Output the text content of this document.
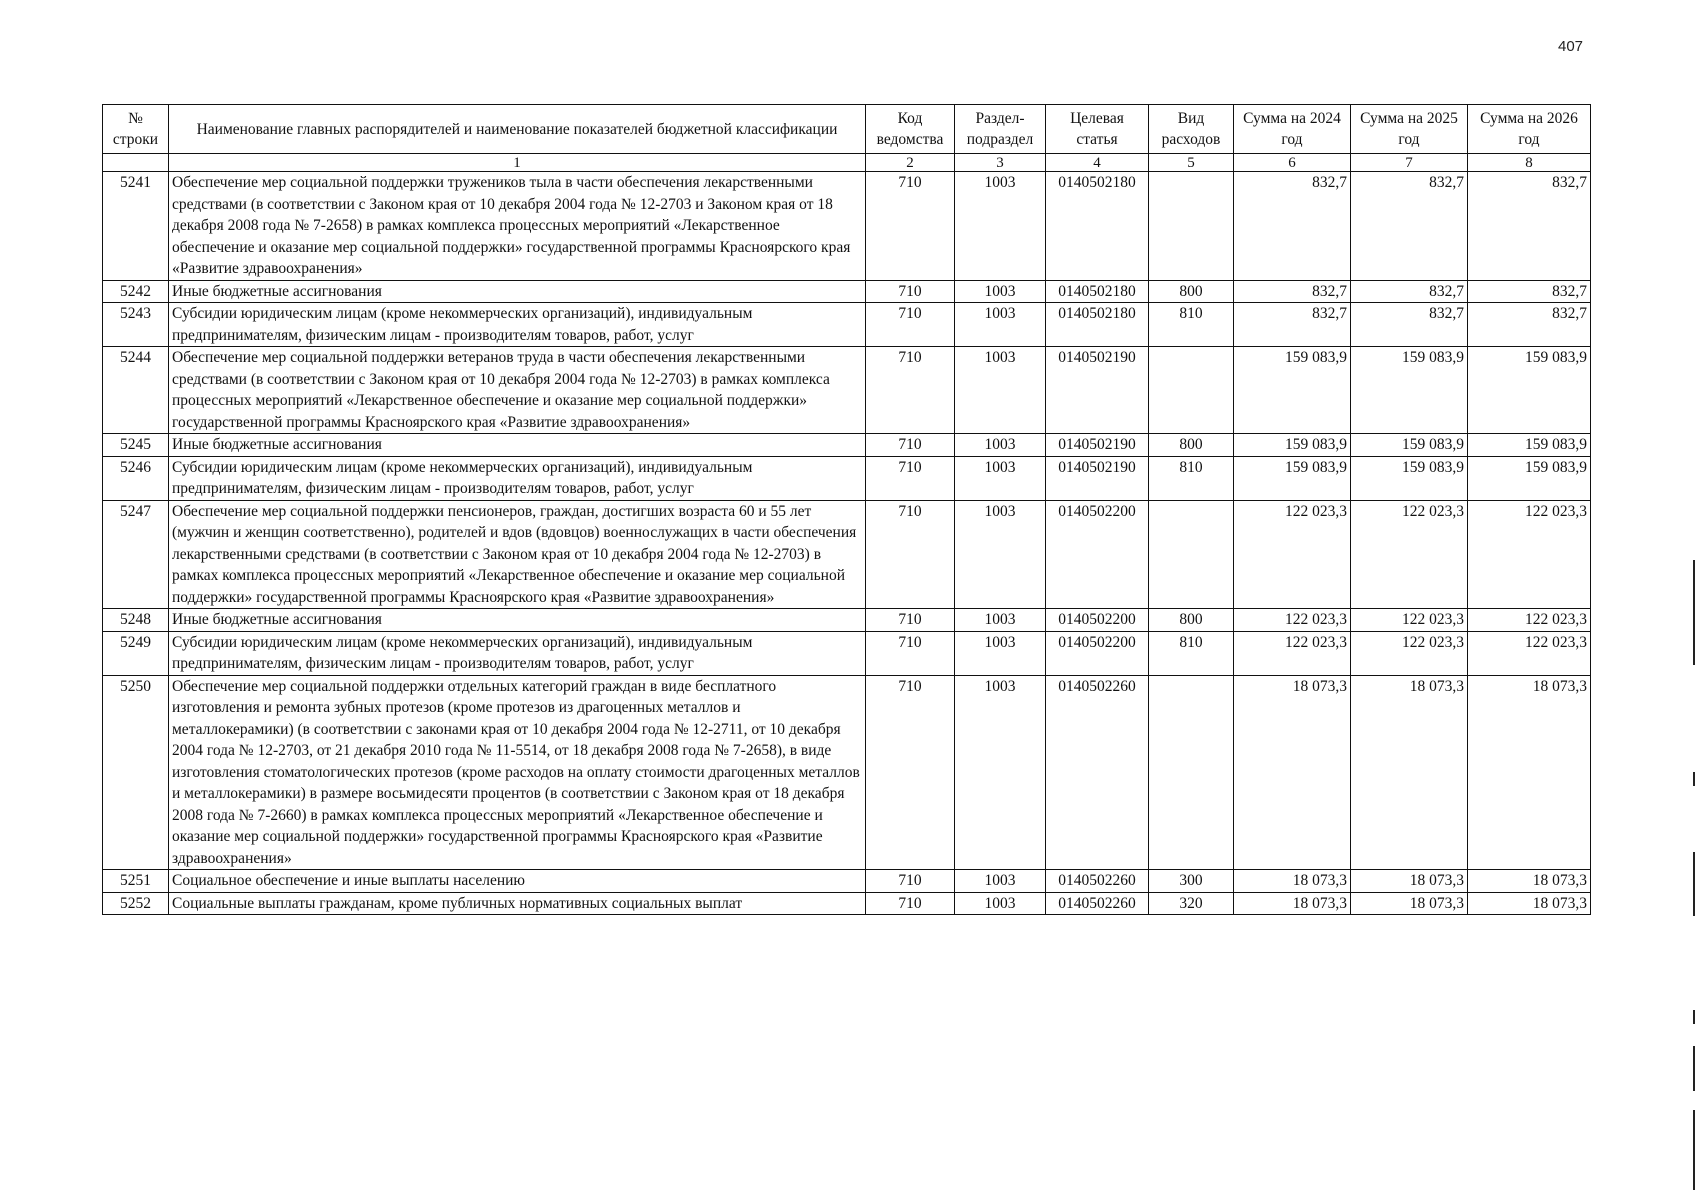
407
№ строки	Наименование главных распорядителей и наименование показателей бюджетной классификации	Код ведомства	Раздел-подраздел	Целевая статья	Вид расходов	Сумма на 2024 год	Сумма на 2025 год	Сумма на 2026 год
	1	2	3	4	5	6	7	8
5241	Обеспечение мер социальной поддержки тружеников тыла в части обеспечения лекарственными средствами (в соответствии с Законом края от 10 декабря 2004 года № 12-2703 и Законом края от 18 декабря 2008 года № 7-2658) в рамках комплекса процессных мероприятий «Лекарственное обеспечение и оказание мер социальной поддержки» государственной программы Красноярского края «Развитие здравоохранения»	710	1003	0140502180		832,7	832,7	832,7
5242	Иные бюджетные ассигнования	710	1003	0140502180	800	832,7	832,7	832,7
5243	Субсидии юридическим лицам (кроме некоммерческих организаций), индивидуальным предпринимателям, физическим лицам - производителям товаров, работ, услуг	710	1003	0140502180	810	832,7	832,7	832,7
5244	Обеспечение мер социальной поддержки ветеранов труда в части обеспечения лекарственными средствами (в соответствии с Законом края от 10 декабря 2004 года № 12-2703) в рамках комплекса процессных мероприятий «Лекарственное обеспечение и оказание мер социальной поддержки» государственной программы Красноярского края «Развитие здравоохранения»	710	1003	0140502190		159 083,9	159 083,9	159 083,9
5245	Иные бюджетные ассигнования	710	1003	0140502190	800	159 083,9	159 083,9	159 083,9
5246	Субсидии юридическим лицам (кроме некоммерческих организаций), индивидуальным предпринимателям, физическим лицам - производителям товаров, работ, услуг	710	1003	0140502190	810	159 083,9	159 083,9	159 083,9
5247	Обеспечение мер социальной поддержки пенсионеров, граждан, достигших возраста 60 и 55 лет (мужчин и женщин соответственно), родителей и вдов (вдовцов) военнослужащих в части обеспечения лекарственными средствами (в соответствии с Законом края от 10 декабря 2004 года № 12-2703) в рамках комплекса процессных мероприятий «Лекарственное обеспечение и оказание мер социальной поддержки» государственной программы Красноярского края «Развитие здравоохранения»	710	1003	0140502200		122 023,3	122 023,3	122 023,3
5248	Иные бюджетные ассигнования	710	1003	0140502200	800	122 023,3	122 023,3	122 023,3
5249	Субсидии юридическим лицам (кроме некоммерческих организаций), индивидуальным предпринимателям, физическим лицам - производителям товаров, работ, услуг	710	1003	0140502200	810	122 023,3	122 023,3	122 023,3
5250	Обеспечение мер социальной поддержки отдельных категорий граждан в виде бесплатного изготовления и ремонта зубных протезов (кроме протезов из драгоценных металлов и металлокерамики) (в соответствии с законами края от 10 декабря 2004 года № 12-2711, от 10 декабря 2004 года № 12-2703, от 21 декабря 2010 года № 11-5514, от 18 декабря 2008 года № 7-2658), в виде изготовления стоматологических протезов (кроме расходов на оплату стоимости драгоценных металлов и металлокерамики) в размере восьмидесяти процентов (в соответствии с Законом края от 18 декабря 2008 года № 7-2660) в рамках комплекса процессных мероприятий «Лекарственное обеспечение и оказание мер социальной поддержки» государственной программы Красноярского края «Развитие здравоохранения»	710	1003	0140502260		18 073,3	18 073,3	18 073,3
5251	Социальное обеспечение и иные выплаты населению	710	1003	0140502260	300	18 073,3	18 073,3	18 073,3
5252	Социальные выплаты гражданам, кроме публичных нормативных социальных выплат	710	1003	0140502260	320	18 073,3	18 073,3	18 073,3
